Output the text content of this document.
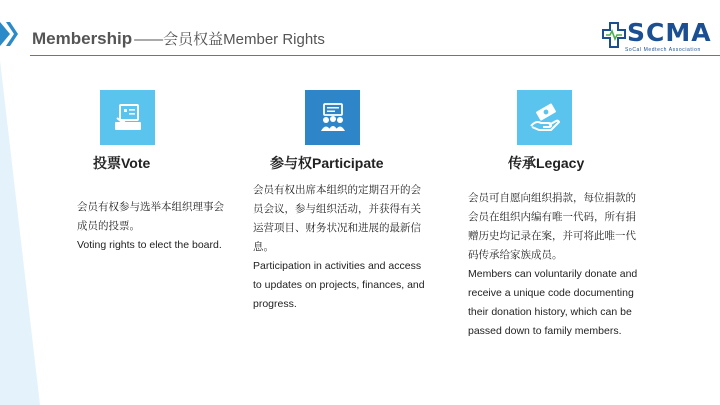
Membership —— 会员权益Member Rights	SCMA
SoCal Medtech Association
投票Vote

会员有权参与选举本组织理事会成员的投票。

Voting rights to elect the board.

参与权Participate

会员有权出席本组织的定期召开的会员会议，参与组织活动，并获得有关运营项目、财务状况和进展的最新信息。

Participation in activities and access to updates on projects, finances, and progress.

传承Legacy

会员可自愿向组织捐款，每位捐款的会员在组织内编有唯一代码，所有捐赠历史均记录在案，并可将此唯一代码传承给家族成员。

Members can voluntarily donate and receive a unique code documenting their donation history, which can be passed down to family members.
